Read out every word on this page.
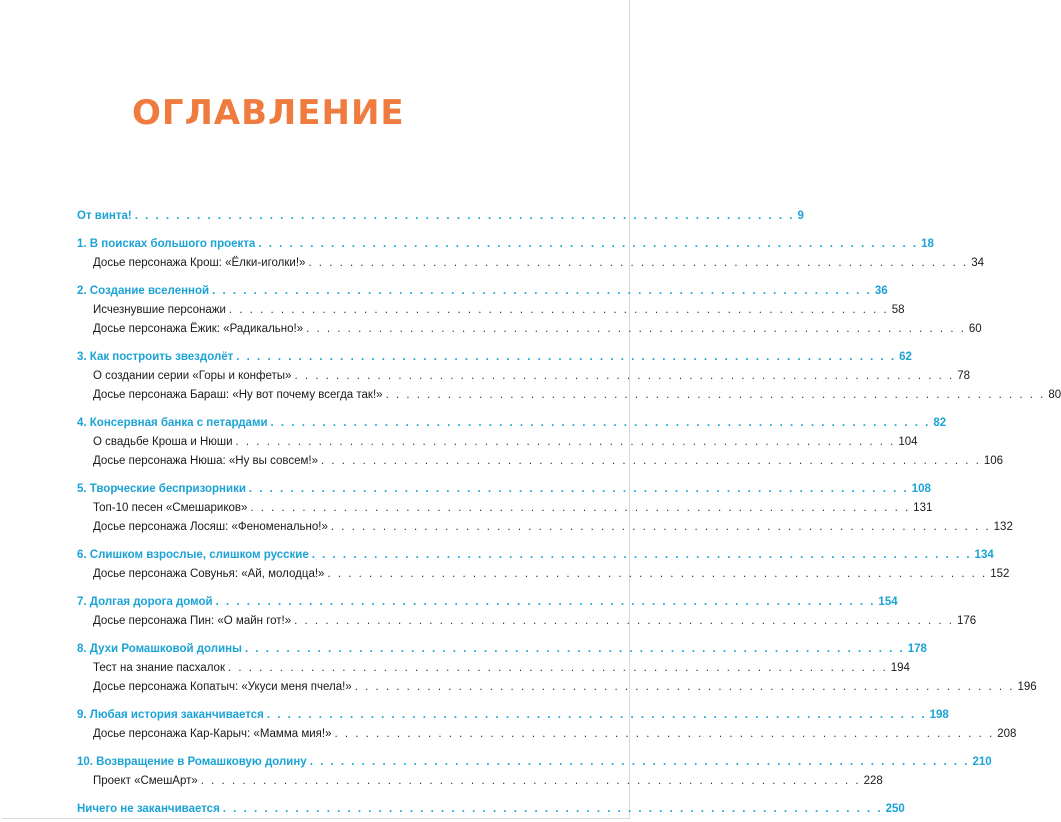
ОГЛАВЛЕНИЕ
От винта! . . . . . . . . . . . . . . . . . . . . . . . . . . . . . . . . . . . . . . . . . . . . . . . . . . . . . . . . . . . . . . . . 9
1. В поисках большого проекта . . . . . . . . . . . . . . . . . . . . . . . . . . . . . . . . . . . . . . . . . . . . . . . . . . . . . . . . . . . . . . . . 18
Досье персонажа Крош: «Ёлки-иголки!» . . . . . . . . . . . . . . . . . . . . . . . . . . . . . . . . . . . . . . . . . . . . . . . . . . . . . . . . . . . . . . . . 34
2. Создание вселенной . . . . . . . . . . . . . . . . . . . . . . . . . . . . . . . . . . . . . . . . . . . . . . . . . . . . . . . . . . . . . . . . 36
Исчезнувшие персонажи . . . . . . . . . . . . . . . . . . . . . . . . . . . . . . . . . . . . . . . . . . . . . . . . . . . . . . . . . . . . . . . . 58
Досье персонажа Ёжик: «Радикально!» . . . . . . . . . . . . . . . . . . . . . . . . . . . . . . . . . . . . . . . . . . . . . . . . . . . . . . . . . . . . . . . . 60
3. Как построить звездолёт . . . . . . . . . . . . . . . . . . . . . . . . . . . . . . . . . . . . . . . . . . . . . . . . . . . . . . . . . . . . . . . . 62
О создании серии «Горы и конфеты» . . . . . . . . . . . . . . . . . . . . . . . . . . . . . . . . . . . . . . . . . . . . . . . . . . . . . . . . . . . . . . . . 78
Досье персонажа Бараш: «Ну вот почему всегда так!» . . . . . . . . . . . . . . . . . . . . . . . . . . . . . . . . . . . . . . . . . . . . . . . . . . . . . . . . . . . . . . . . 80
4. Консервная банка с петардами . . . . . . . . . . . . . . . . . . . . . . . . . . . . . . . . . . . . . . . . . . . . . . . . . . . . . . . . . . . . . . . . 82
О свадьбе Кроша и Нюши . . . . . . . . . . . . . . . . . . . . . . . . . . . . . . . . . . . . . . . . . . . . . . . . . . . . . . . . . . . . . . . . 104
Досье персонажа Нюша: «Ну вы совсем!» . . . . . . . . . . . . . . . . . . . . . . . . . . . . . . . . . . . . . . . . . . . . . . . . . . . . . . . . . . . . . . . . 106
5. Творческие беспризорники . . . . . . . . . . . . . . . . . . . . . . . . . . . . . . . . . . . . . . . . . . . . . . . . . . . . . . . . . . . . . . . . 108
Топ-10 песен «Смешариков» . . . . . . . . . . . . . . . . . . . . . . . . . . . . . . . . . . . . . . . . . . . . . . . . . . . . . . . . . . . . . . . . 131
Досье персонажа Лосяш: «Феноменально!» . . . . . . . . . . . . . . . . . . . . . . . . . . . . . . . . . . . . . . . . . . . . . . . . . . . . . . . . . . . . . . . . 132
6. Слишком взрослые, слишком русские . . . . . . . . . . . . . . . . . . . . . . . . . . . . . . . . . . . . . . . . . . . . . . . . . . . . . . . . . . . . . . . . 134
Досье персонажа Совунья: «Ай, молодца!» . . . . . . . . . . . . . . . . . . . . . . . . . . . . . . . . . . . . . . . . . . . . . . . . . . . . . . . . . . . . . . . . 152
7. Долгая дорога домой . . . . . . . . . . . . . . . . . . . . . . . . . . . . . . . . . . . . . . . . . . . . . . . . . . . . . . . . . . . . . . . . 154
Досье персонажа Пин: «О майн гот!» . . . . . . . . . . . . . . . . . . . . . . . . . . . . . . . . . . . . . . . . . . . . . . . . . . . . . . . . . . . . . . . . 176
8. Духи Ромашковой долины . . . . . . . . . . . . . . . . . . . . . . . . . . . . . . . . . . . . . . . . . . . . . . . . . . . . . . . . . . . . . . . . 178
Тест на знание пасхалок . . . . . . . . . . . . . . . . . . . . . . . . . . . . . . . . . . . . . . . . . . . . . . . . . . . . . . . . . . . . . . . . 194
Досье персонажа Копатыч: «Укуси меня пчела!» . . . . . . . . . . . . . . . . . . . . . . . . . . . . . . . . . . . . . . . . . . . . . . . . . . . . . . . . . . . . . . . . 196
9. Любая история заканчивается . . . . . . . . . . . . . . . . . . . . . . . . . . . . . . . . . . . . . . . . . . . . . . . . . . . . . . . . . . . . . . . . 198
Досье персонажа Кар-Карыч: «Мамма мия!» . . . . . . . . . . . . . . . . . . . . . . . . . . . . . . . . . . . . . . . . . . . . . . . . . . . . . . . . . . . . . . . . 208
10. Возвращение в Ромашковую долину . . . . . . . . . . . . . . . . . . . . . . . . . . . . . . . . . . . . . . . . . . . . . . . . . . . . . . . . . . . . . . . . 210
Проект «СмешАрт» . . . . . . . . . . . . . . . . . . . . . . . . . . . . . . . . . . . . . . . . . . . . . . . . . . . . . . . . . . . . . . . . 228
Ничего не заканчивается . . . . . . . . . . . . . . . . . . . . . . . . . . . . . . . . . . . . . . . . . . . . . . . . . . . . . . . . . . . . . . . . 250
